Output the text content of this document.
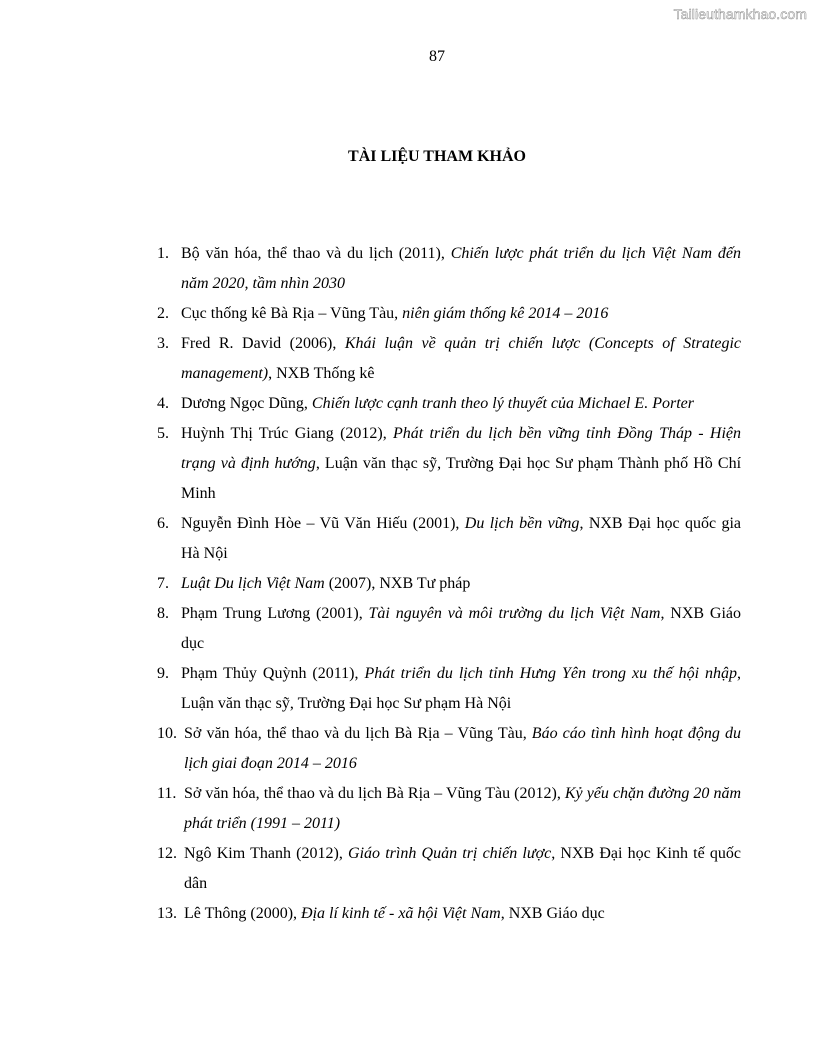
Tailieuthamkhao.com
87
TÀI LIỆU THAM KHẢO
1. Bộ văn hóa, thể thao và du lịch (2011), Chiến lược phát triển du lịch Việt Nam đến năm 2020, tầm nhìn 2030
2. Cục thống kê Bà Rịa – Vũng Tàu, niên giám thống kê 2014 – 2016
3. Fred R. David (2006), Khái luận về quản trị chiến lược (Concepts of Strategic management), NXB Thống kê
4. Dương Ngọc Dũng, Chiến lược cạnh tranh theo lý thuyết của Michael E. Porter
5. Huỳnh Thị Trúc Giang (2012), Phát triển du lịch bền vững tỉnh Đồng Tháp - Hiện trạng và định hướng, Luận văn thạc sỹ, Trường Đại học Sư phạm Thành phố Hồ Chí Minh
6. Nguyễn Đình Hòe – Vũ Văn Hiếu (2001), Du lịch bền vững, NXB Đại học quốc gia Hà Nội
7. Luật Du lịch Việt Nam (2007), NXB Tư pháp
8. Phạm Trung Lương (2001), Tài nguyên và môi trường du lịch Việt Nam, NXB Giáo dục
9. Phạm Thủy Quỳnh (2011), Phát triển du lịch tỉnh Hưng Yên trong xu thế hội nhập, Luận văn thạc sỹ, Trường Đại học Sư phạm Hà Nội
10. Sở văn hóa, thể thao và du lịch Bà Rịa – Vũng Tàu, Báo cáo tình hình hoạt động du lịch giai đoạn 2014 – 2016
11. Sở văn hóa, thể thao và du lịch Bà Rịa – Vũng Tàu (2012), Kỷ yếu chặn đường 20 năm phát triển (1991 – 2011)
12. Ngô Kim Thanh (2012), Giáo trình Quản trị chiến lược, NXB Đại học Kinh tế quốc dân
13. Lê Thông (2000), Địa lí kinh tế - xã hội Việt Nam, NXB Giáo dục
